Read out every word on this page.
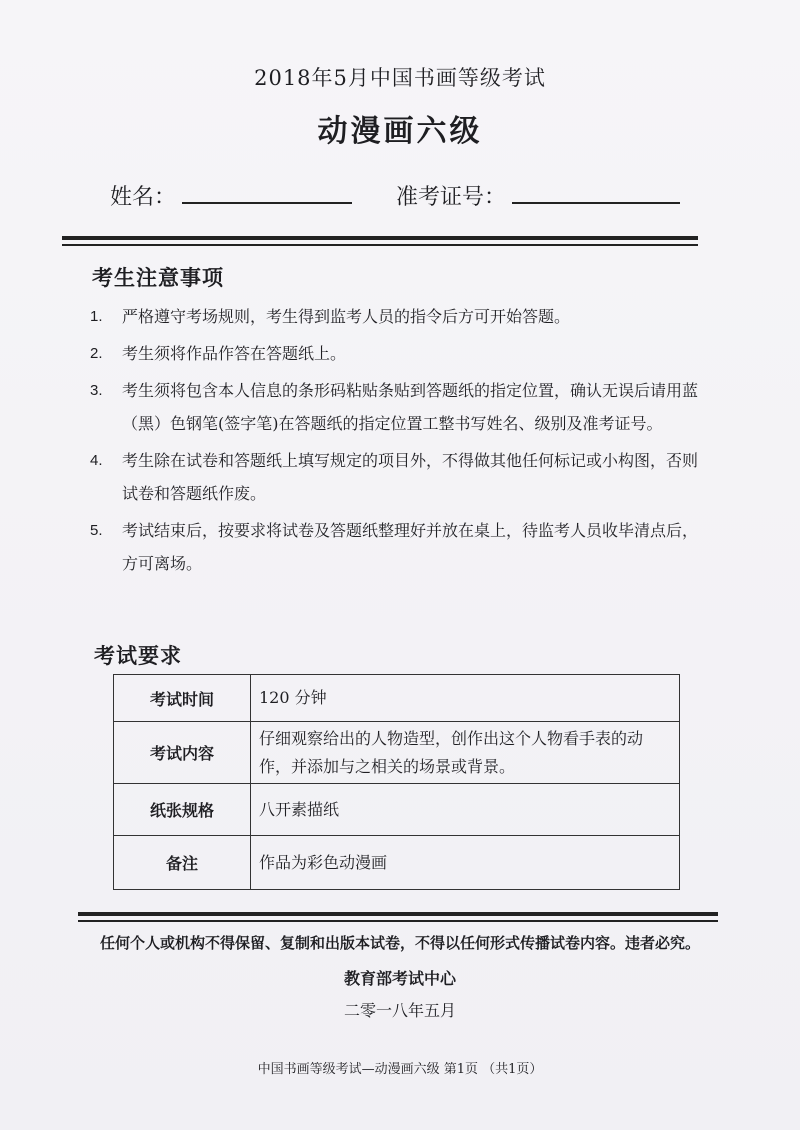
2018年5月中国书画等级考试
动漫画六级
姓名：	准考证号：
考生注意事项
1. 严格遵守考场规则，考生得到监考人员的指令后方可开始答题。
2. 考生须将作品作答在答题纸上。
3. 考生须将包含本人信息的条形码粘贴条贴到答题纸的指定位置，确认无误后请用蓝（黑）色钢笔(签字笔)在答题纸的指定位置工整书写姓名、级别及准考证号。
4. 考生除在试卷和答题纸上填写规定的项目外，不得做其他任何标记或小构图，否则试卷和答题纸作废。
5. 考试结束后，按要求将试卷及答题纸整理好并放在桌上，待监考人员收毕清点后，方可离场。
考试要求
考试时间	120 分钟
考试内容	仔细观察给出的人物造型，创作出这个人物看手表的动作，并添加与之相关的场景或背景。
纸张规格	八开素描纸
备注	作品为彩色动漫画
任何个人或机构不得保留、复制和出版本试卷，不得以任何形式传播试卷内容。违者必究。
教育部考试中心
二零一八年五月
中国书画等级考试—动漫画六级 第1页 （共1页）
